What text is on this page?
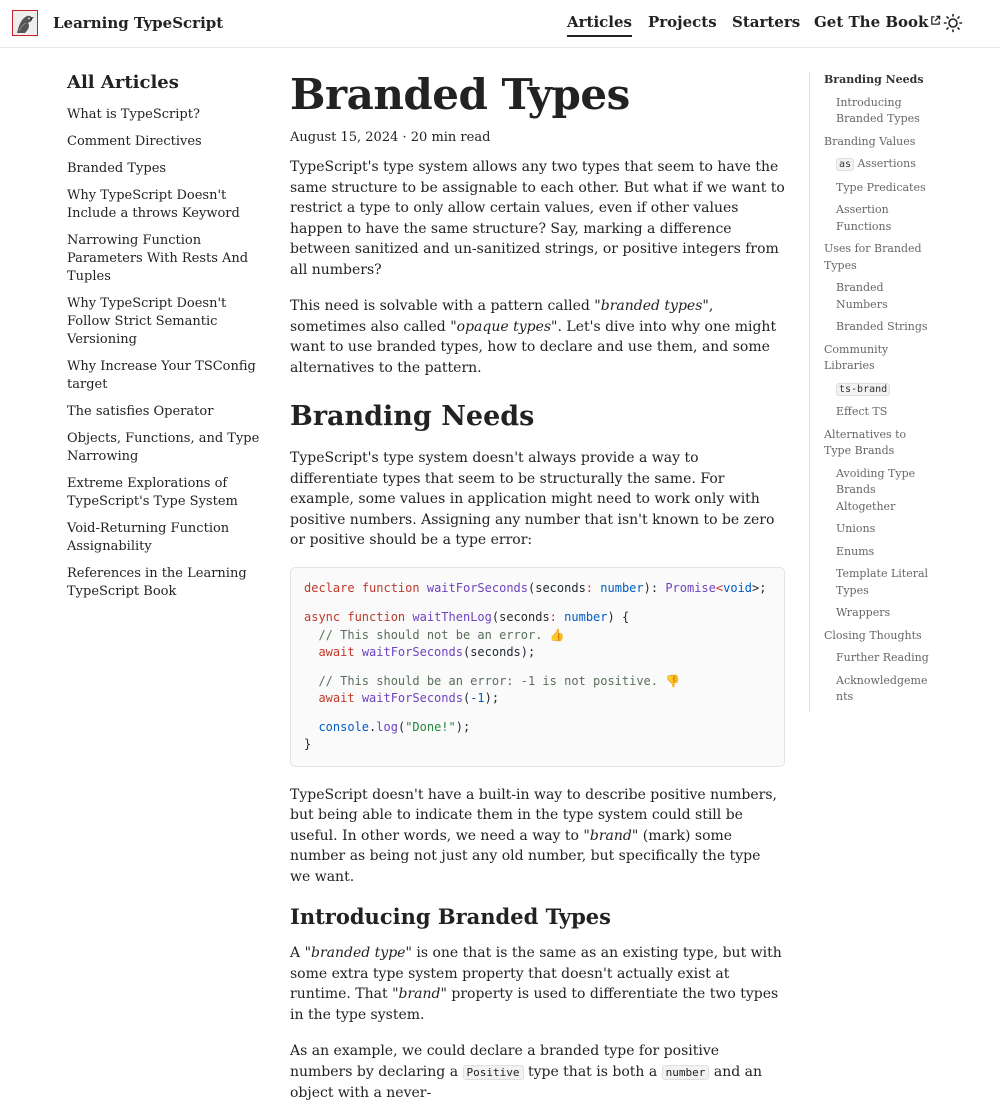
Learning TypeScript	Articles Projects Starters Get The Book
All Articles
What is TypeScript?
Comment Directives
Branded Types
Why TypeScript Doesn't Include a throws Keyword
Narrowing Function Parameters With Rests And Tuples
Why TypeScript Doesn't Follow Strict Semantic Versioning
Why Increase Your TSConfig target
The satisfies Operator
Objects, Functions, and Type Narrowing
Extreme Explorations of TypeScript's Type System
Void-Returning Function Assignability
References in the Learning TypeScript Book
Branded Types
August 15, 2024 · 20 min read

TypeScript's type system allows any two types that seem to have the same structure to be assignable to each other. But what if we want to restrict a type to only allow certain values, even if other values happen to have the same structure? Say, marking a difference between sanitized and un-sanitized strings, or positive integers from all numbers?

This need is solvable with a pattern called "branded types", sometimes also called "opaque types". Let's dive into why one might want to use branded types, how to declare and use them, and some alternatives to the pattern.

Branding Needs

TypeScript's type system doesn't always provide a way to differentiate types that seem to be structurally the same. For example, some values in application might need to work only with positive numbers. Assigning any number that isn't known to be zero or positive should be a type error:

declare function waitForSeconds(seconds: number): Promise<void>;
async function waitThenLog(seconds: number) {
// This should not be an error. 👍
await waitForSeconds(seconds);
// This should be an error: -1 is not positive. 👎
await waitForSeconds(-1);
console.log("Done!");
}

TypeScript doesn't have a built-in way to describe positive numbers, but being able to indicate them in the type system could still be useful. In other words, we need a way to "brand" (mark) some number as being not just any old number, but specifically the type we want.

Introducing Branded Types

A "branded type" is one that is the same as an existing type, but with some extra type system property that doesn't actually exist at runtime. That "brand" property is used to differentiate the two types in the type system.

As an example, we could declare a branded type for positive numbers by declaring a Positive type that is both a number and an object with a never-

Branding Needs
Introducing Branded Types
Branding Values
as Assertions
Type Predicates
Assertion Functions
Uses for Branded Types
Branded Numbers
Branded Strings
Community Libraries
ts-brand
Effect TS
Alternatives to Type Brands
Avoiding Type Brands Altogether
Unions
Enums
Template Literal Types
Wrappers
Closing Thoughts
Further Reading
Acknowledgements
